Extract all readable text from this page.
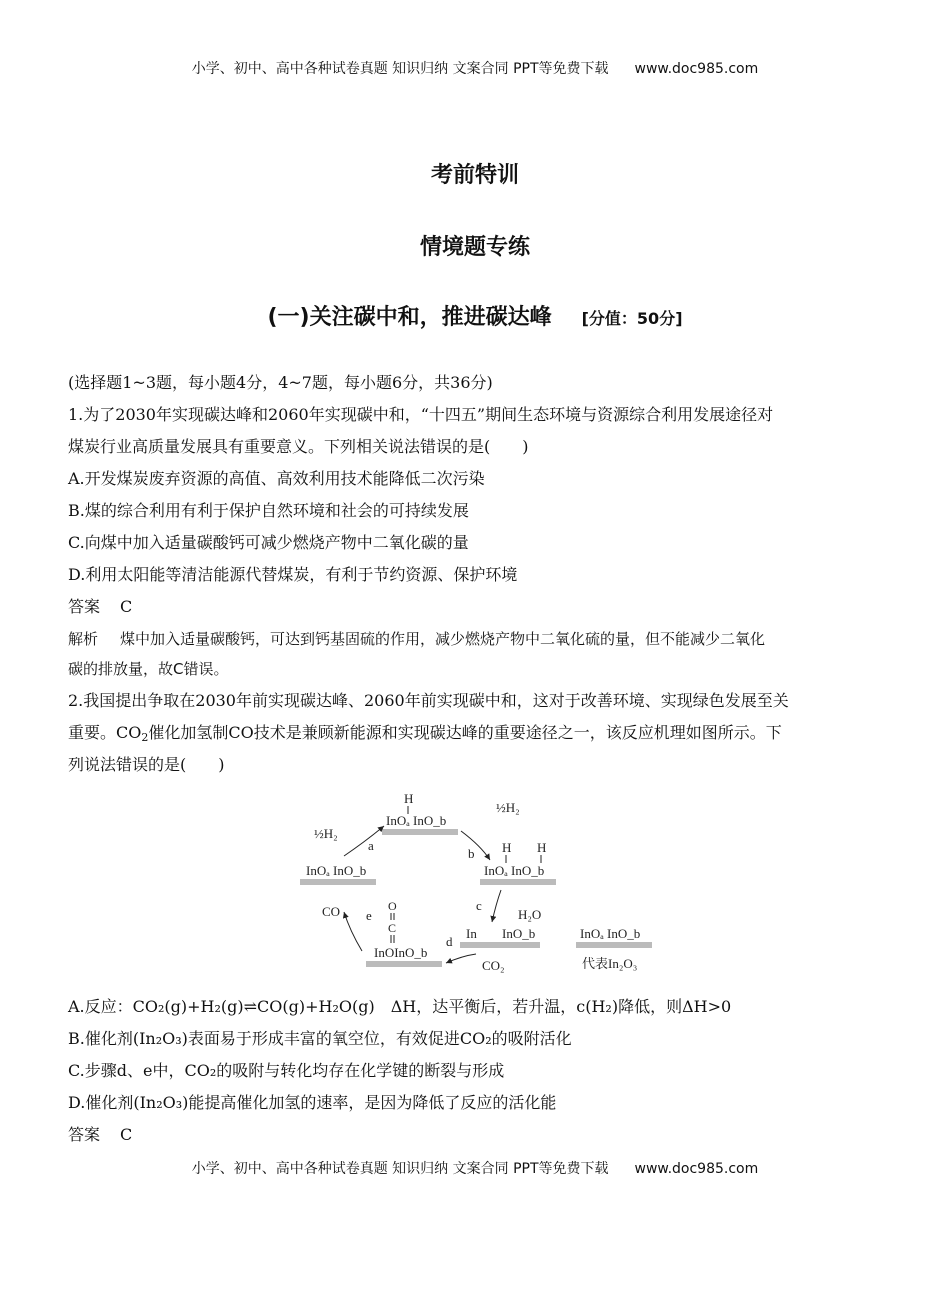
小学、初中、高中各种试卷真题 知识归纳 文案合同 PPT等免费下载 www.doc985.com
考前特训
情境题专练
(一)关注碳中和，推进碳达峰 [分值：50分]
(选择题1~3题，每小题4分，4~7题，每小题6分，共36分)
1.为了2030年实现碳达峰和2060年实现碳中和，“十四五”期间生态环境与资源综合利用发展途径对
煤炭行业高质量发展具有重要意义。下列相关说法错误的是(　　)
A.开发煤炭废弃资源的高值、高效利用技术能降低二次污染
B.煤的综合利用有利于保护自然环境和社会的可持续发展
C.向煤中加入适量碳酸钙可减少燃烧产物中二氧化碳的量
D.利用太阳能等清洁能源代替煤炭，有利于节约资源、保护环境
答案 C
解析 煤中加入适量碳酸钙，可达到钙基固硫的作用，减少燃烧产物中二氧化硫的量，但不能减少二氧化
碳的排放量，故C错误。
2.我国提出争取在2030年前实现碳达峰、2060年前实现碳中和，这对于改善环境、实现绿色发展至关
重要。$CO_2$催化加氢制CO技术是兼顾新能源和实现碳达峰的重要途径之一，该反应机理如图所示。下
列说法错误的是(　　)
H
InOₐ InO_b
InOₐ InO_b
H H
InOₐ InO_b
In InO_b	InOₐ InO_b
代表In₂O₃
O
C
InOInO_b
½H₂
a
½H₂
b
c
H₂O
d
CO₂
e
CO
A.反应：CO₂(g)+H₂(g)⇌CO(g)+H₂O(g)　ΔH，达平衡后，若升温，c(H₂)降低，则ΔH>0
B.催化剂(In₂O₃)表面易于形成丰富的氧空位，有效促进CO₂的吸附活化
C.步骤d、e中，CO₂的吸附与转化均存在化学键的断裂与形成
D.催化剂(In₂O₃)能提高催化加氢的速率，是因为降低了反应的活化能
答案 C
小学、初中、高中各种试卷真题 知识归纳 文案合同 PPT等免费下载 www.doc985.com
